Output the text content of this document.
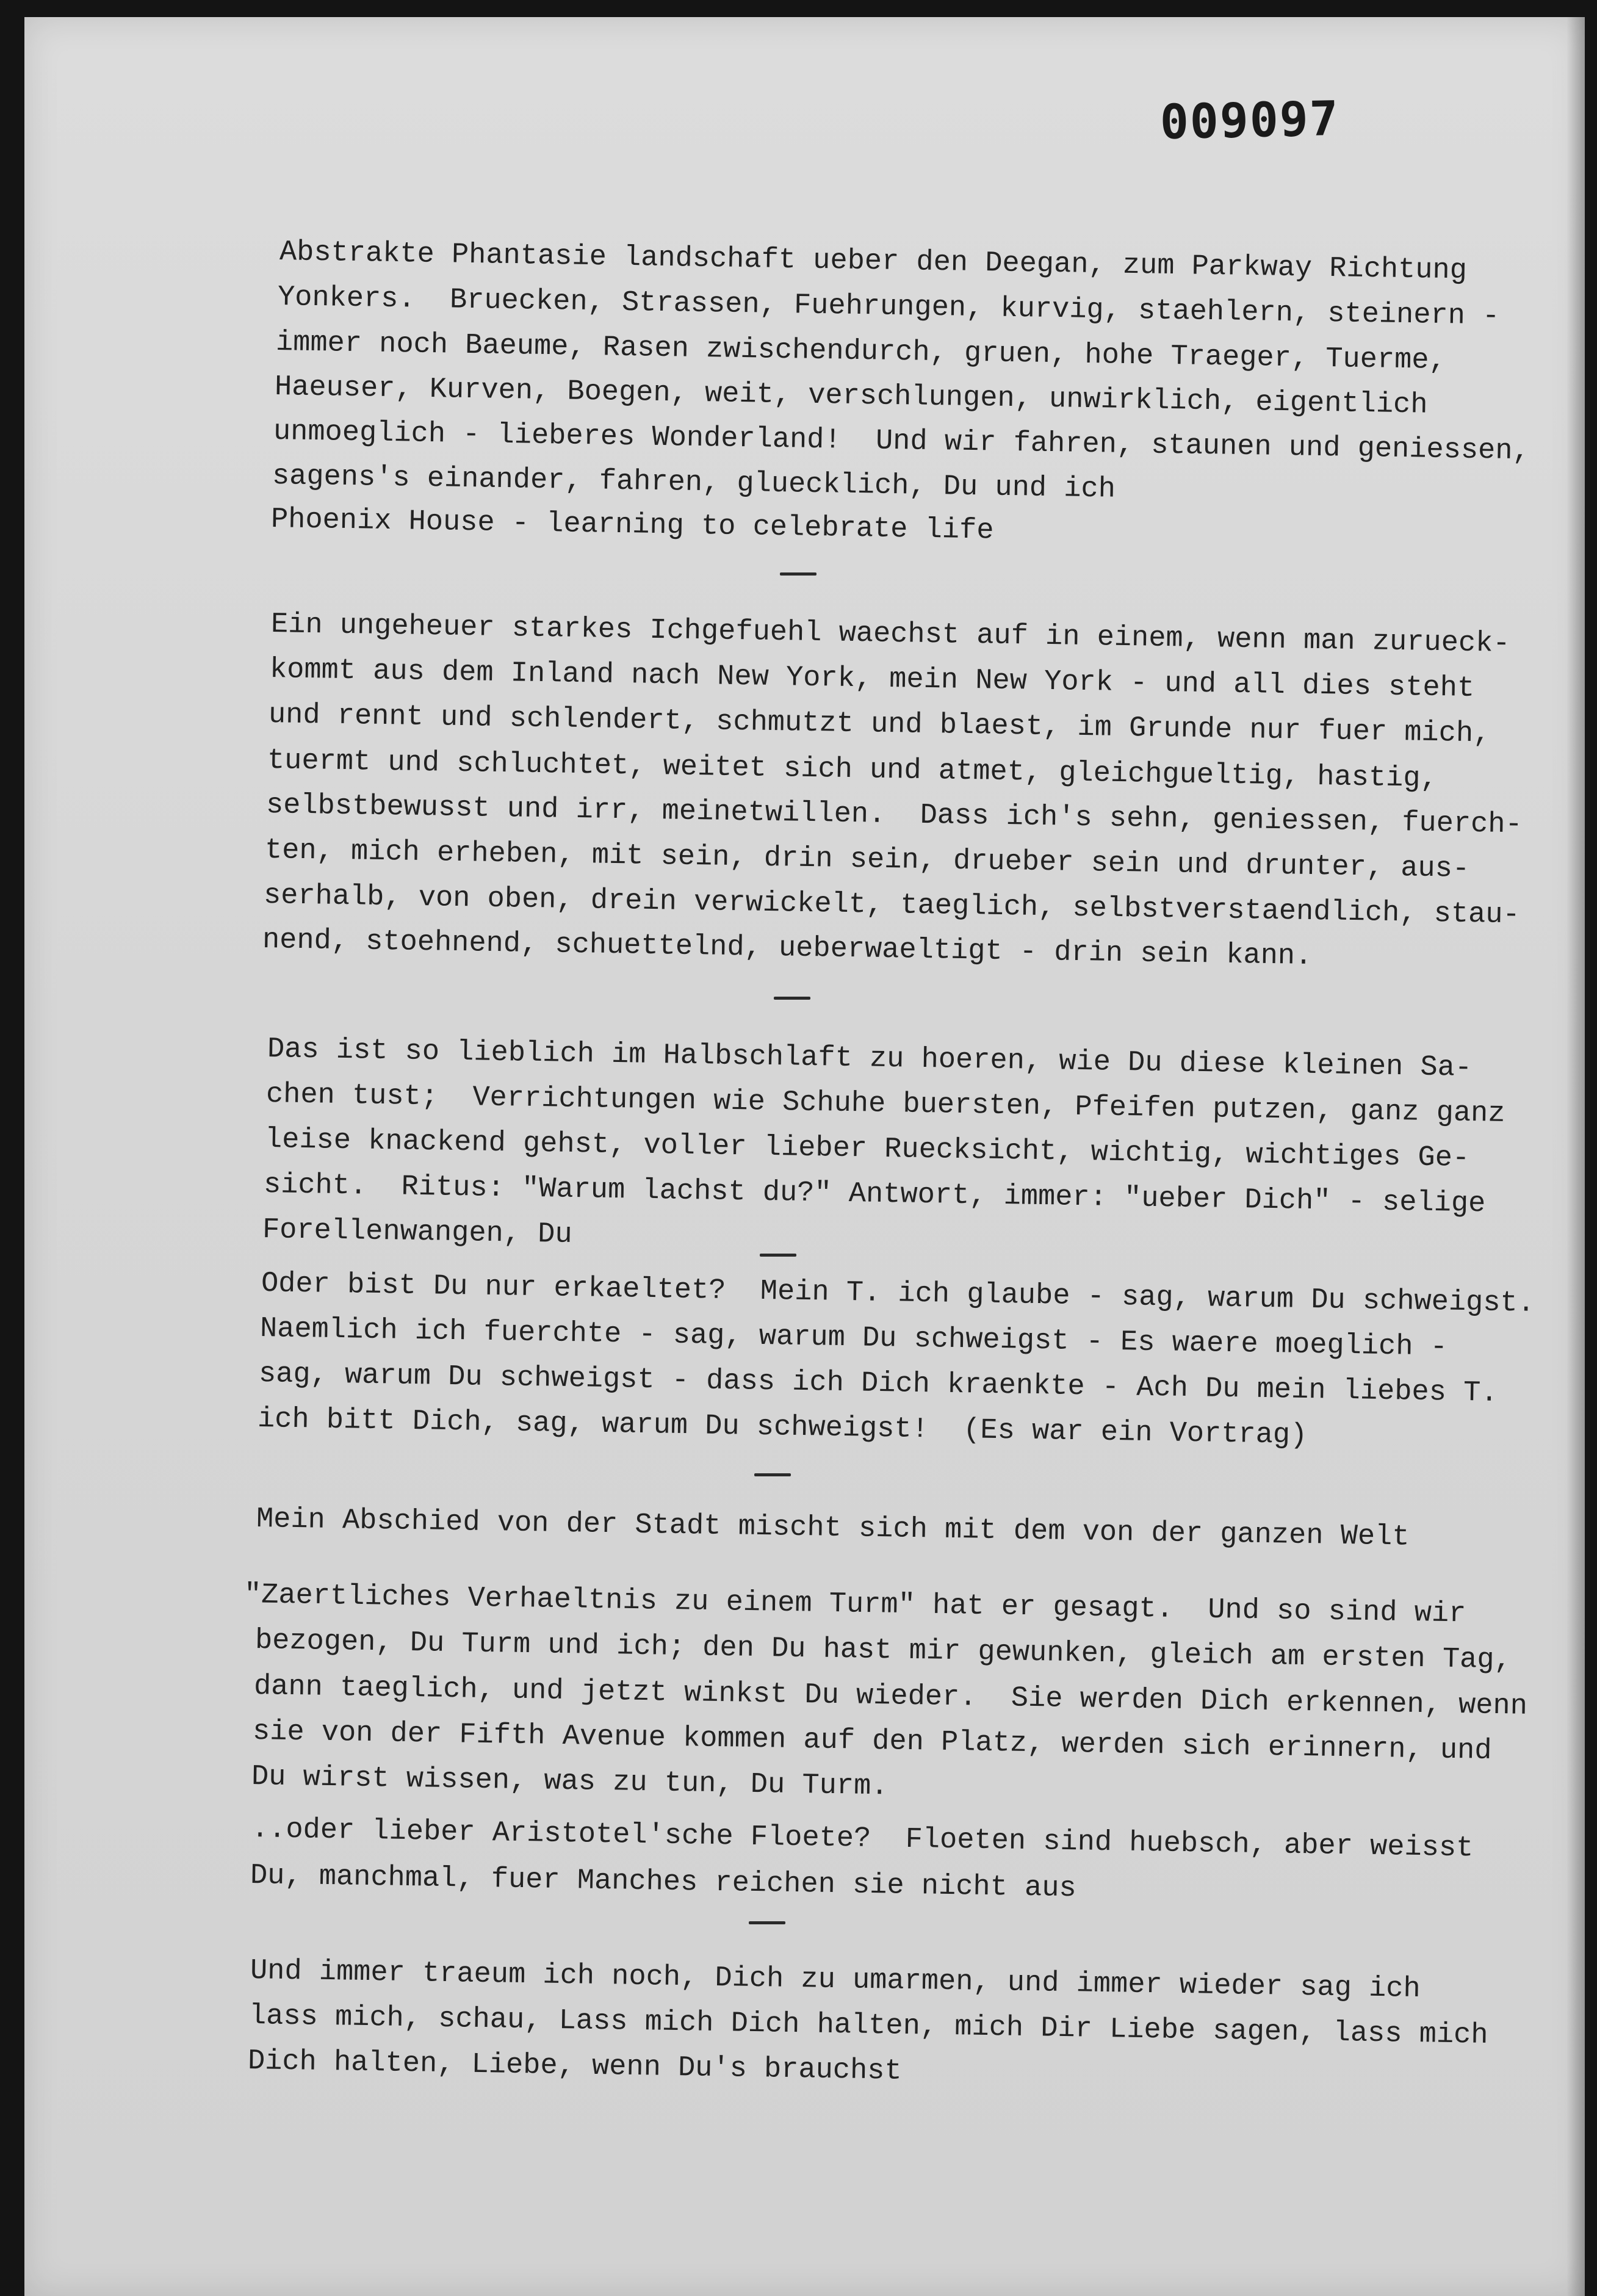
009097
Abstrakte Phantasie landschaft ueber den Deegan, zum Parkway Richtung
Yonkers.  Bruecken, Strassen, Fuehrungen, kurvig, staehlern, steinern -
immer noch Baeume, Rasen zwischendurch, gruen, hohe Traeger, Tuerme,
Haeuser, Kurven, Boegen, weit, verschlungen, unwirklich, eigentlich
unmoeglich - lieberes Wonderland!  Und wir fahren, staunen und geniessen,
sagens's einander, fahren, gluecklich, Du und ich
Phoenix House - learning to celebrate life
Ein ungeheuer starkes Ichgefuehl waechst auf in einem, wenn man zurueck-
kommt aus dem Inland nach New York, mein New York - und all dies steht
und rennt und schlendert, schmutzt und blaest, im Grunde nur fuer mich,
tuermt und schluchtet, weitet sich und atmet, gleichgueltig, hastig,
selbstbewusst und irr, meinetwillen.  Dass ich's sehn, geniessen, fuerch-
ten, mich erheben, mit sein, drin sein, drueber sein und drunter, aus-
serhalb, von oben, drein verwickelt, taeglich, selbstverstaendlich, stau-
nend, stoehnend, schuettelnd, ueberwaeltigt - drin sein kann.
Das ist so lieblich im Halbschlaft zu hoeren, wie Du diese kleinen Sa-
chen tust;  Verrichtungen wie Schuhe buersten, Pfeifen putzen, ganz ganz
leise knackend gehst, voller lieber Ruecksicht, wichtig, wichtiges Ge-
sicht.  Ritus: "Warum lachst du?" Antwort, immer: "ueber Dich" - selige
Forellenwangen, Du
Oder bist Du nur erkaeltet?  Mein T. ich glaube - sag, warum Du schweigst.
Naemlich ich fuerchte - sag, warum Du schweigst - Es waere moeglich -
sag, warum Du schweigst - dass ich Dich kraenkte - Ach Du mein liebes T.
ich bitt Dich, sag, warum Du schweigst!  (Es war ein Vortrag)
Mein Abschied von der Stadt mischt sich mit dem von der ganzen Welt
"Zaertliches Verhaeltnis zu einem Turm" hat er gesagt.  Und so sind wir
bezogen, Du Turm und ich; den Du hast mir gewunken, gleich am ersten Tag,
dann taeglich, und jetzt winkst Du wieder.  Sie werden Dich erkennen, wenn
sie von der Fifth Avenue kommen auf den Platz, werden sich erinnern, und
Du wirst wissen, was zu tun, Du Turm.
..oder lieber Aristotel'sche Floete?  Floeten sind huebsch, aber weisst
Du, manchmal, fuer Manches reichen sie nicht aus
Und immer traeum ich noch, Dich zu umarmen, und immer wieder sag ich
lass mich, schau, Lass mich Dich halten, mich Dir Liebe sagen, lass mich
Dich halten, Liebe, wenn Du's brauchst
